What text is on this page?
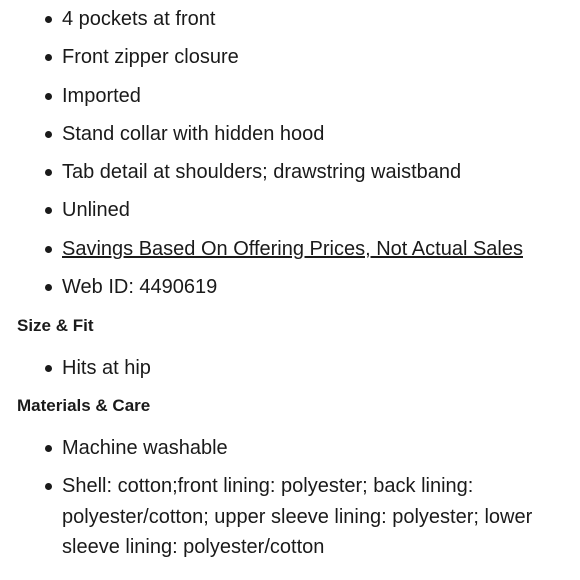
4 pockets at front
Front zipper closure
Imported
Stand collar with hidden hood
Tab detail at shoulders; drawstring waistband
Unlined
Savings Based On Offering Prices, Not Actual Sales
Web ID: 4490619
Size & Fit
Hits at hip
Materials & Care
Machine washable
Shell: cotton;front lining: polyester; back lining: polyester/cotton; upper sleeve lining: polyester; lower sleeve lining: polyester/cotton
